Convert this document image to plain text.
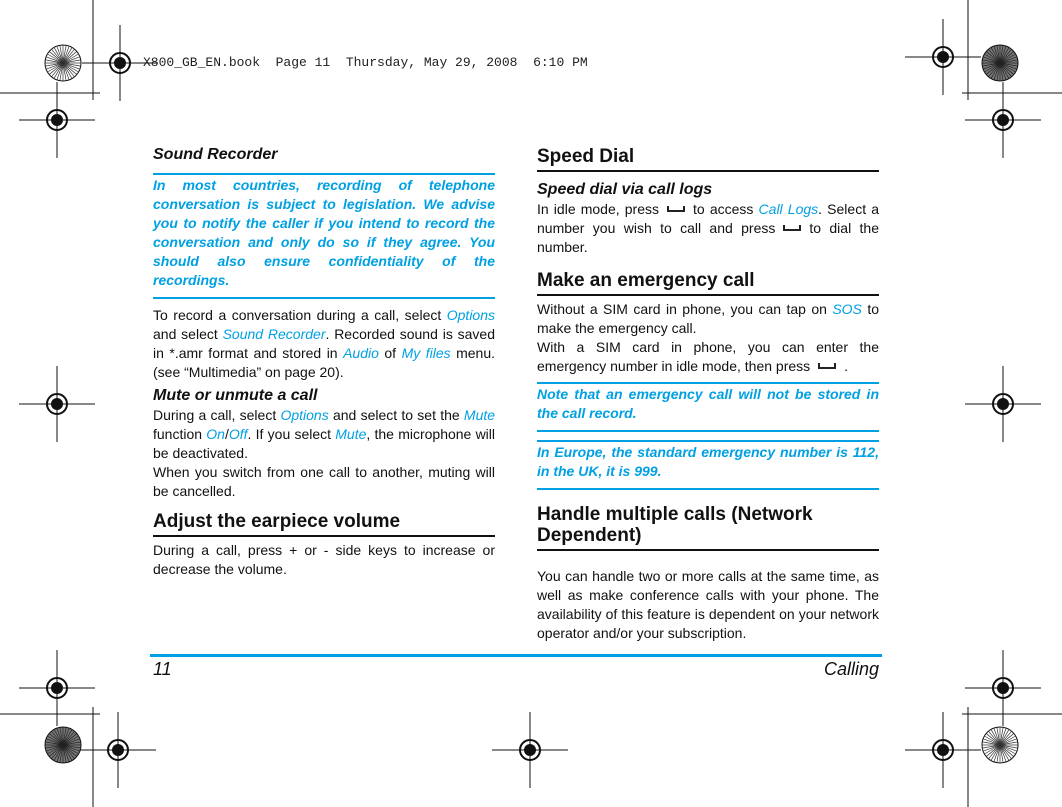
X800_GB_EN.book  Page 11  Thursday, May 29, 2008  6:10 PM
Sound Recorder
In most countries, recording of telephone conversation is subject to legislation. We advise you to notify the caller if you intend to record the conversation and only do so if they agree. You should also ensure confidentiality of the recordings.

To record a conversation during a call, select Options and select Sound Recorder. Recorded sound is saved in *.amr format and stored in Audio of My files menu. (see “Multimedia” on page 20).

Mute or unmute a call

During a call, select Options and select to set the Mute function On/Off. If you select Mute, the microphone will be deactivated.

When you switch from one call to another, muting will be cancelled.

Adjust the earpiece volume

During a call, press + or - side keys to increase or decrease the volume.

Speed Dial
Speed dial via call logs

In idle mode, press to access Call Logs. Select a number you wish to call and press to dial the number.

Make an emergency call

Without a SIM card in phone, you can tap on SOS to make the emergency call.

With a SIM card in phone, you can enter the emergency number in idle mode, then press .

Note that an emergency call will not be stored in the call record.
In Europe, the standard emergency number is 112, in the UK, it is 999.
Handle multiple calls (Network Dependent)

You can handle two or more calls at the same time, as well as make conference calls with your phone. The availability of this feature is dependent on your network operator and/or your subscription.

11	Calling
